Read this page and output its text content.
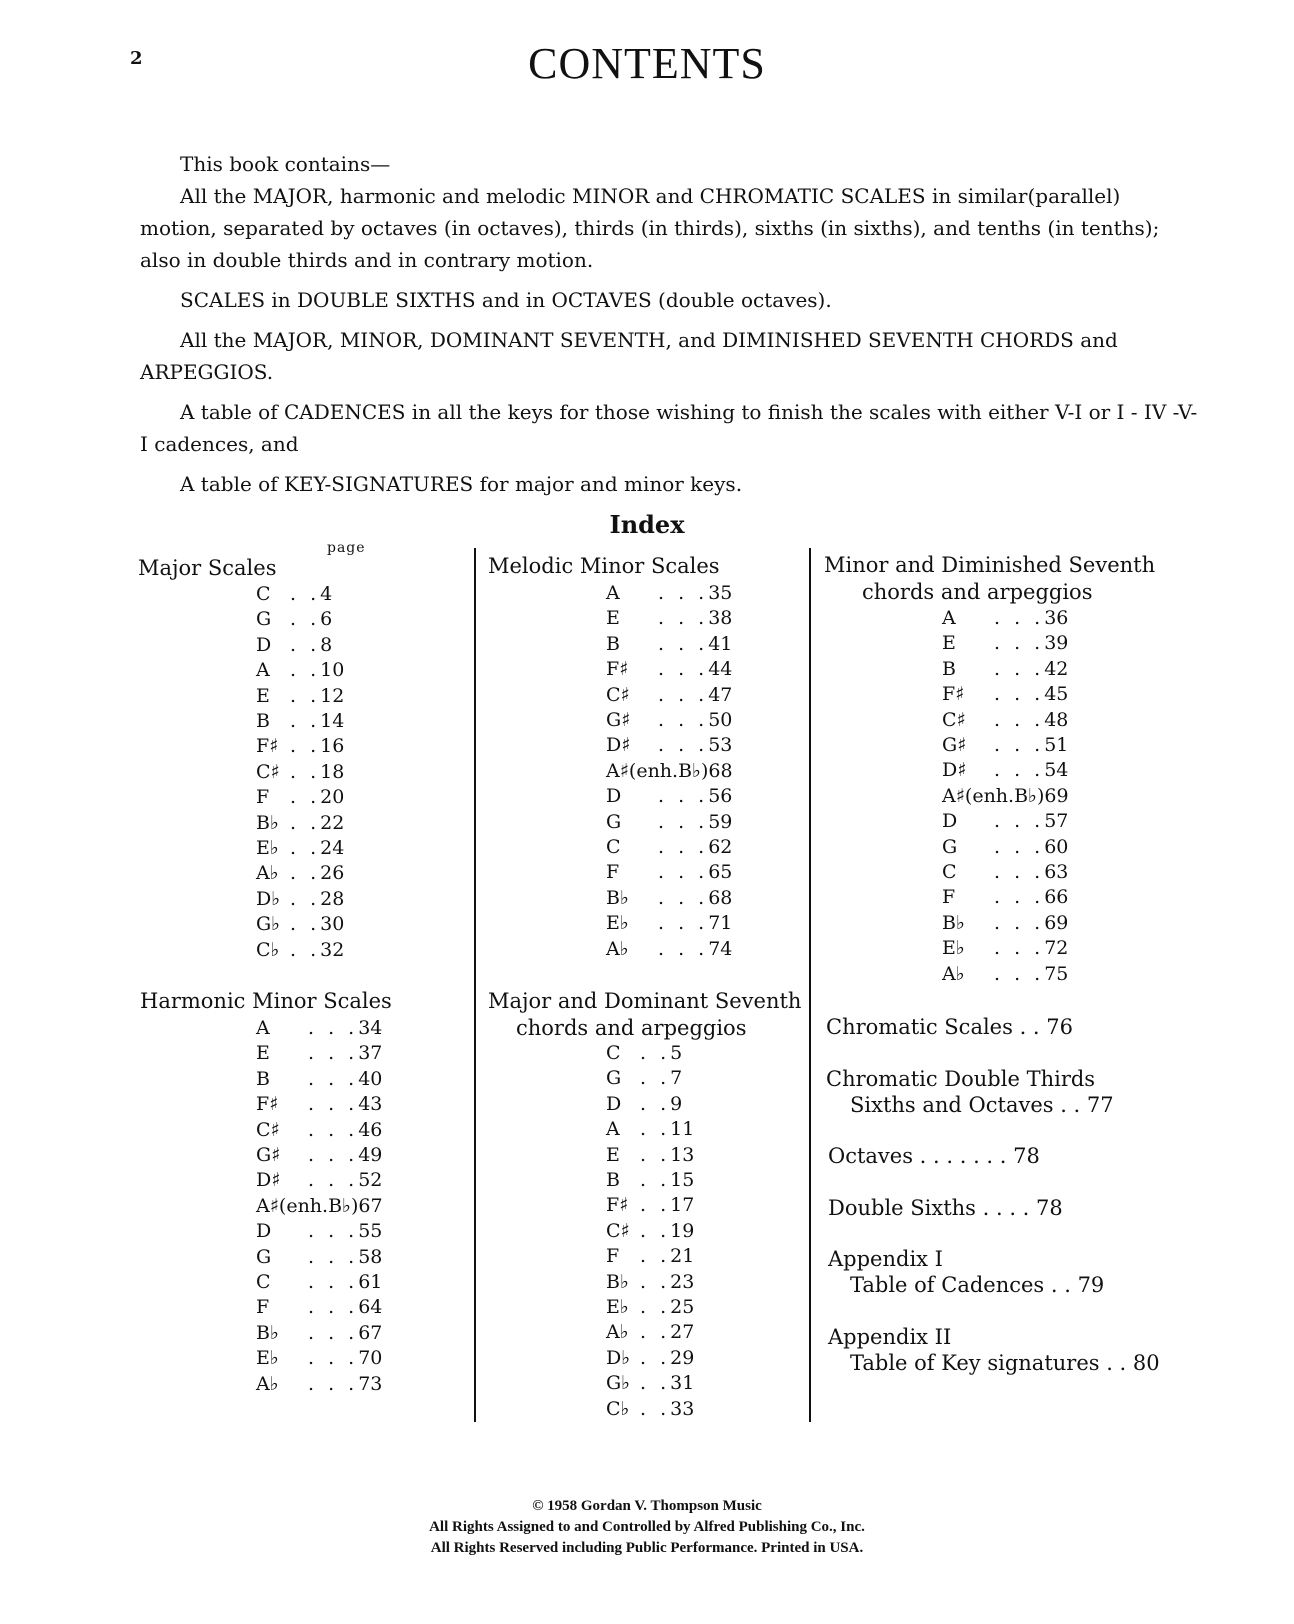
2	CONTENTS

This book contains—

All the MAJOR, harmonic and melodic MINOR and CHROMATIC SCALES in similar(parallel) motion, separated by octaves (in octaves), thirds (in thirds), sixths (in sixths), and tenths (in tenths); also in double thirds and in contrary motion.

SCALES in DOUBLE SIXTHS and in OCTAVES (double octaves).

All the MAJOR, MINOR, DOMINANT SEVENTH, and DIMINISHED SEVENTH CHORDS and ARPEGGIOS.

A table of CADENCES in all the keys for those wishing to finish the scales with either V-I or I - IV -V-I cadences, and

A table of KEY-SIGNATURES for major and minor keys.

Index
page
Major Scales
C . .4
G . .6
D . .8
A . .10
E . .12
B . .14
F♯ . .16
C♯ . .18
F . .20
B♭ . .22
E♭ . .24
A♭ . .26
D♭ . .28
G♭ . .30
C♭ . .32
Harmonic Minor Scales
A . . .34
E . . .37
B . . .40
F♯ . . .43
C♯ . . .46
G♯ . . .49
D♯ . . .52
A♯(enh.B♭)67
D . . .55
G . . .58
C . . .61
F . . .64
B♭ . . .67
E♭ . . .70
A♭ . . .73
Melodic Minor Scales
A . . .35
E . . .38
B . . .41
F♯ . . .44
C♯ . . .47
G♯ . . .50
D♯ . . .53
A♯(enh.B♭)68
D . . .56
G . . .59
C . . .62
F . . .65
B♭ . . .68
E♭ . . .71
A♭ . . .74
Major and Dominant Seventh
chords and arpeggios
C . .5
G . .7
D . .9
A . .11
E . .13
B . .15
F♯ . .17
C♯ . .19
F . .21
B♭ . .23
E♭ . .25
A♭ . .27
D♭ . .29
G♭ . .31
C♭ . .33
Minor and Diminished Seventh
chords and arpeggios
A . . .36
E . . .39
B . . .42
F♯ . . .45
C♯ . . .48
G♯ . . .51
D♯ . . .54
A♯(enh.B♭)69
D . . .57
G . . .60
C . . .63
F . . .66
B♭ . . .69
E♭ . . .72
A♭ . . .75
Chromatic Scales . . 76
Chromatic Double Thirds
Sixths and Octaves . . 77
Octaves . . . . . . . 78
Double Sixths . . . . 78
Appendix I
Table of Cadences . . 79
Appendix II
Table of Key signatures . . 80
© 1958 Gordan V. Thompson Music
All Rights Assigned to and Controlled by Alfred Publishing Co., Inc.
All Rights Reserved including Public Performance. Printed in USA.
